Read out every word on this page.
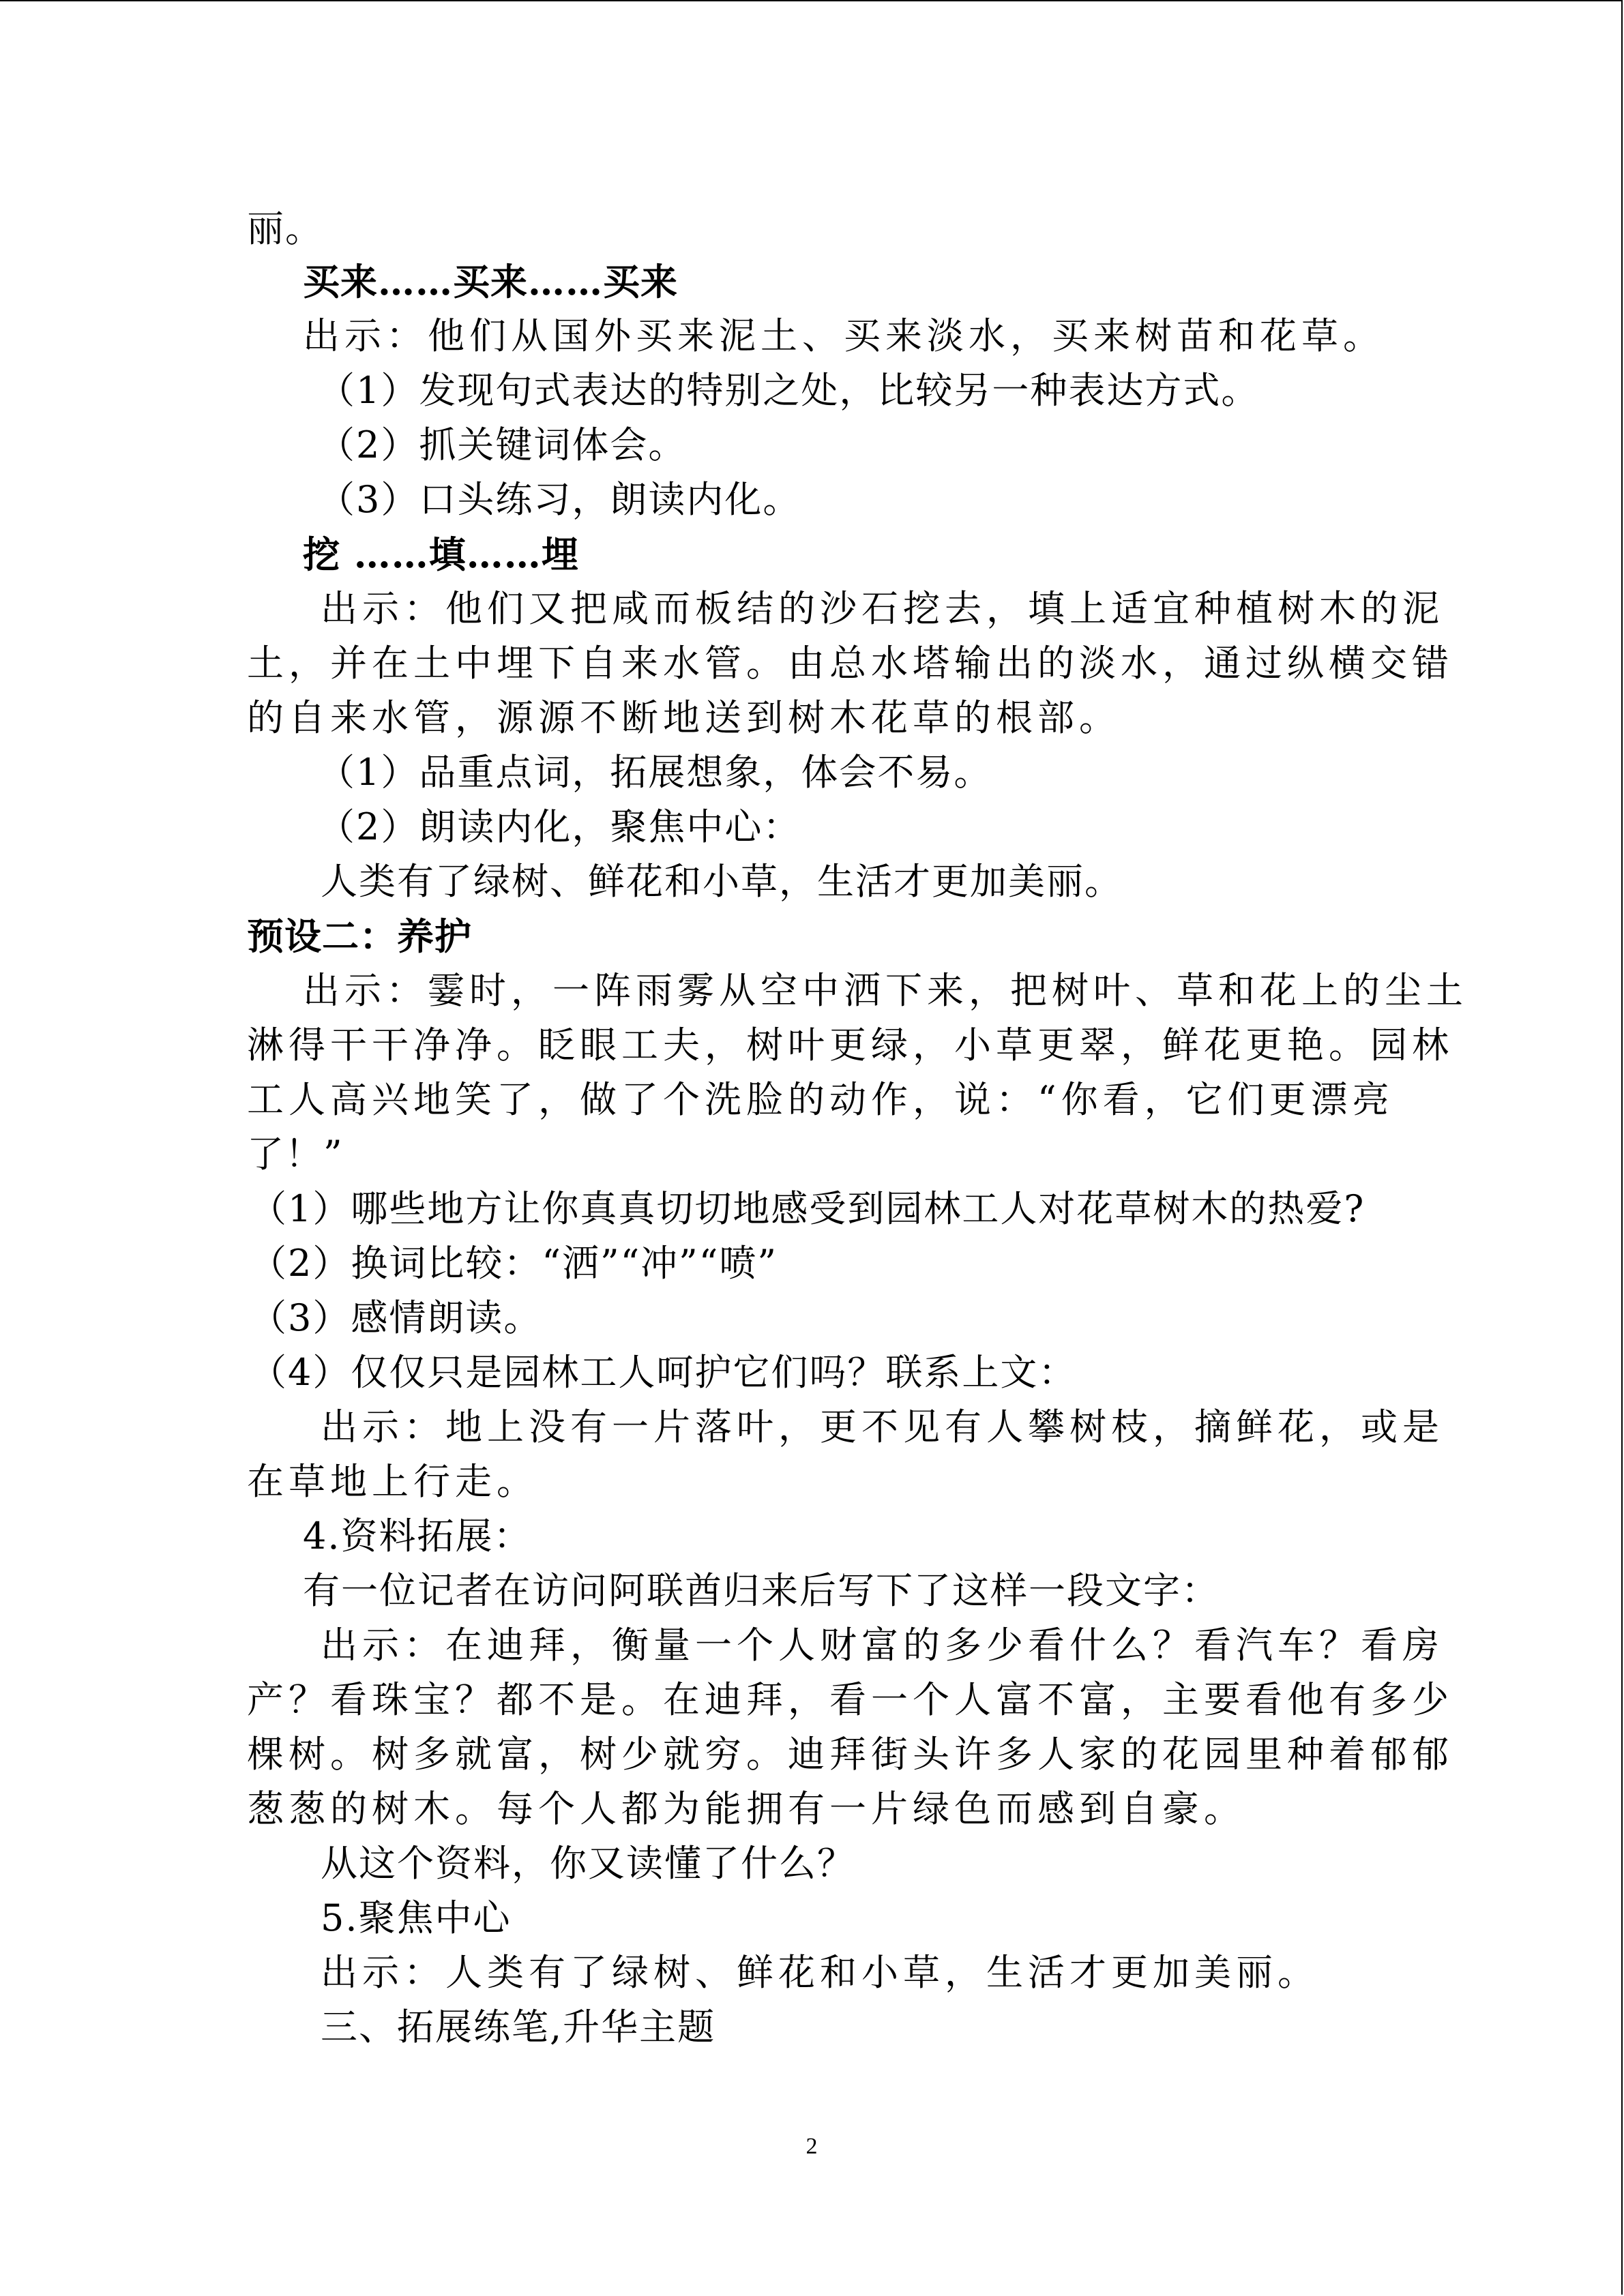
丽。
买来……买来……买来
出示：他们从国外买来泥土、买来淡水，买来树苗和花草。
（1）发现句式表达的特别之处，比较另一种表达方式。
（2）抓关键词体会。
（3）口头练习，朗读内化。
挖 ……填……埋
出示：他们又把咸而板结的沙石挖去，填上适宜种植树木的泥
土，并在土中埋下自来水管。由总水塔输出的淡水，通过纵横交错
的自来水管，源源不断地送到树木花草的根部。
（1）品重点词，拓展想象，体会不易。
（2）朗读内化，聚焦中心：
人类有了绿树、鲜花和小草，生活才更加美丽。
预设二：养护
出示：霎时，一阵雨雾从空中洒下来，把树叶、草和花上的尘土
淋得干干净净。眨眼工夫，树叶更绿，小草更翠，鲜花更艳。园林
工人高兴地笑了，做了个洗脸的动作，说：“你看，它们更漂亮
了！”
（1）哪些地方让你真真切切地感受到园林工人对花草树木的热爱?
（2）换词比较：“洒”“冲”“喷”
（3）感情朗读。
（4）仅仅只是园林工人呵护它们吗？联系上文：
出示：地上没有一片落叶，更不见有人攀树枝，摘鲜花，或是
在草地上行走。
4.资料拓展：
有一位记者在访问阿联酋归来后写下了这样一段文字：
出示：在迪拜，衡量一个人财富的多少看什么？看汽车？看房
产？看珠宝？都不是。在迪拜，看一个人富不富，主要看他有多少
棵树。树多就富，树少就穷。迪拜街头许多人家的花园里种着郁郁
葱葱的树木。每个人都为能拥有一片绿色而感到自豪。
从这个资料，你又读懂了什么？
5.聚焦中心
出示：人类有了绿树、鲜花和小草，生活才更加美丽。
三、拓展练笔,升华主题
2
